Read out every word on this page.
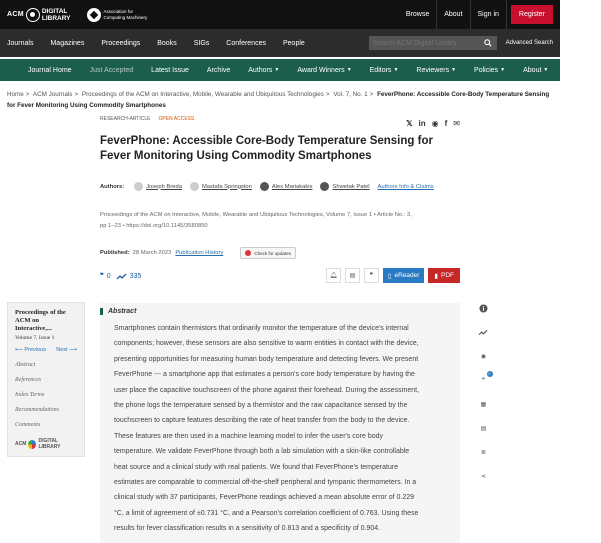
ACM	DIGITAL
LIBRARY
Association for
Computing Machinery	Browse	About	Sign in	Register
Journals Magazines Proceedings Books SIGs Conferences People
Search ACM Digital Library	Advanced Search
Journal Home	Just Accepted	Latest Issue	Archive	Authors ▼	Award Winners ▼	Editors ▼	Reviewers ▼	Policies ▼	About ▼	Contact Us
Home > ACM Journals > Proceedings of the ACM on Interactive, Mobile, Wearable and Ubiquitous Technologies > Vol. 7, No. 1 > FeverPhone: Accessible Core-Body Temperature Sensing for Fever Monitoring Using Commodity Smartphones
RESEARCH-ARTICLE OPEN ACCESS	𝕏 in ◉ f ✉
FeverPhone: Accessible Core-Body Temperature Sensing for Fever Monitoring Using Commodity Smartphones
Authors:	Joseph Breda	Mastafa Springston	Alex Mariakakis	Shwetak Patel Authors Info & Claims
Proceedings of the ACM on Interactive, Mobile, Wearable and Ubiquitous Technologies, Volume 7, Issue 1 • Article No.: 3,
pp 1–23 • https://doi.org/10.1145/3580850
Published: 28 March 2023 Publication History	Check for updates
❞ 0	335	🔔︎	▤	❞	▯ eReader ▮ PDF
Proceedings of the ACM on Interactive,...
Volume 7, Issue 1
⟵ Previous Next ⟶
Abstract
References
Index Terms
Recommendations
Comments
ACM DIGITAL LIBRARY
Abstract
Smartphones contain thermistors that ordinarily monitor the temperature of the device's internal
components; however, these sensors are also sensitive to warm entities in contact with the device,
presenting opportunities for measuring human body temperature and detecting fevers. We present
FeverPhone --- a smartphone app that estimates a person's core body temperature by having the
user place the capacitive touchscreen of the phone against their forehead. During the assessment,
the phone logs the temperature sensed by a thermistor and the raw capacitance sensed by the
touchscreen to capture features describing the rate of heat transfer from the body to the device.
These features are then used in a machine learning model to infer the user's core body
temperature. We validate FeverPhone through both a lab simulation with a skin-like controllable
heat source and a clinical study with real patients. We found that FeverPhone's temperature
estimates are comparable to commercial off-the-shelf peripheral and tympanic thermometers. In a
clinical study with 37 participants, FeverPhone readings achieved a mean absolute error of 0.229
°C, a limit of agreement of ±0.731 °C, and a Pearson's correlation coefficient of 0.763. Using these
results for fever classification results in a sensitivity of 0.813 and a specificity of 0.904.
◉
❞
0
▦
▤
≣
⋖
